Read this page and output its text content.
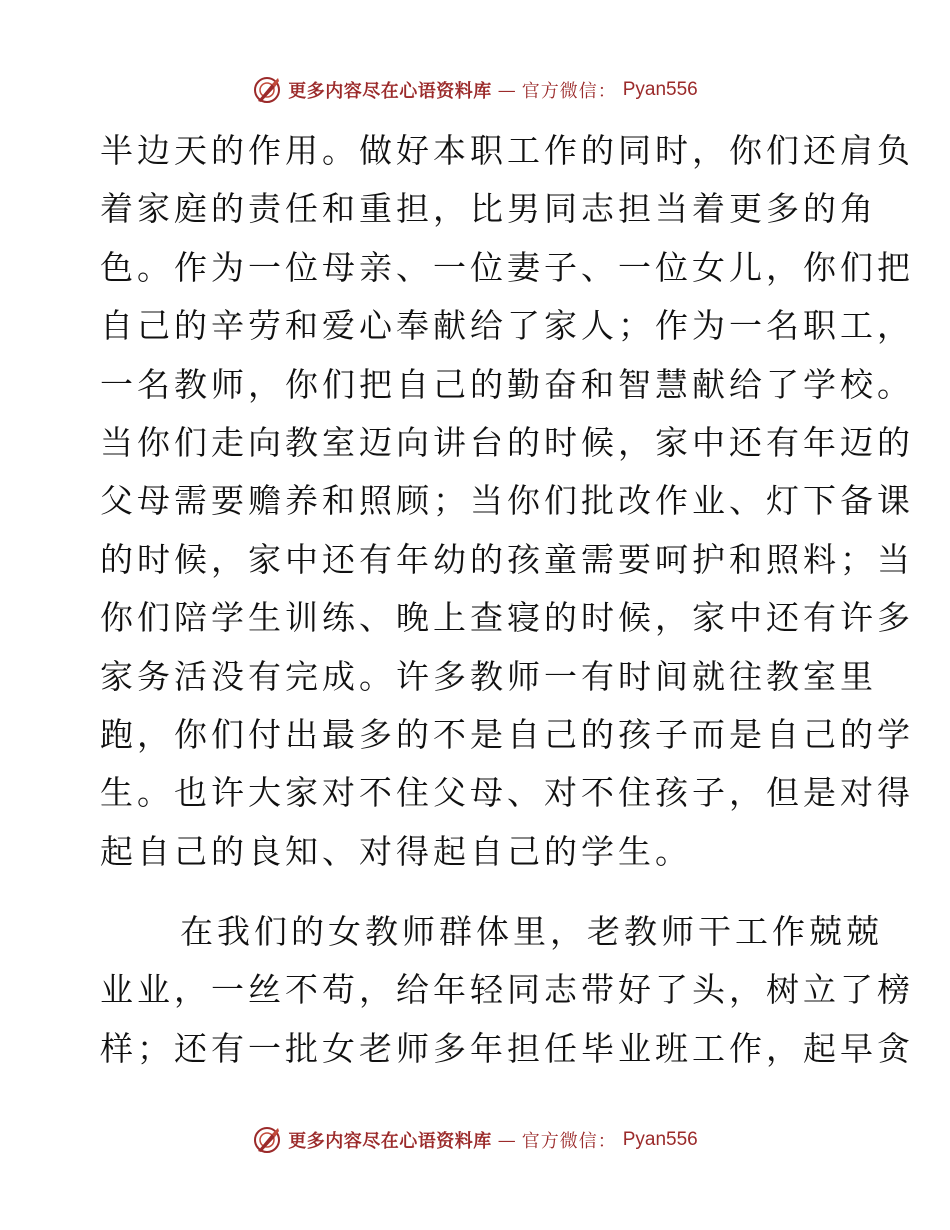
更多内容尽在心语资料库 — 官方微信： Pyan556
半边天的作用。做好本职工作的同时，你们还肩负
着家庭的责任和重担，比男同志担当着更多的角
色。作为一位母亲、一位妻子、一位女儿，你们把
自己的辛劳和爱心奉献给了家人；作为一名职工，
一名教师，你们把自己的勤奋和智慧献给了学校。
当你们走向教室迈向讲台的时候，家中还有年迈的
父母需要赡养和照顾；当你们批改作业、灯下备课
的时候，家中还有年幼的孩童需要呵护和照料；当
你们陪学生训练、晚上查寝的时候，家中还有许多
家务活没有完成。许多教师一有时间就往教室里
跑，你们付出最多的不是自己的孩子而是自己的学
生。也许大家对不住父母、对不住孩子，但是对得
起自己的良知、对得起自己的学生。
在我们的女教师群体里，老教师干工作兢兢
业业，一丝不苟，给年轻同志带好了头，树立了榜
样；还有一批女老师多年担任毕业班工作，起早贪
更多内容尽在心语资料库 — 官方微信： Pyan556
